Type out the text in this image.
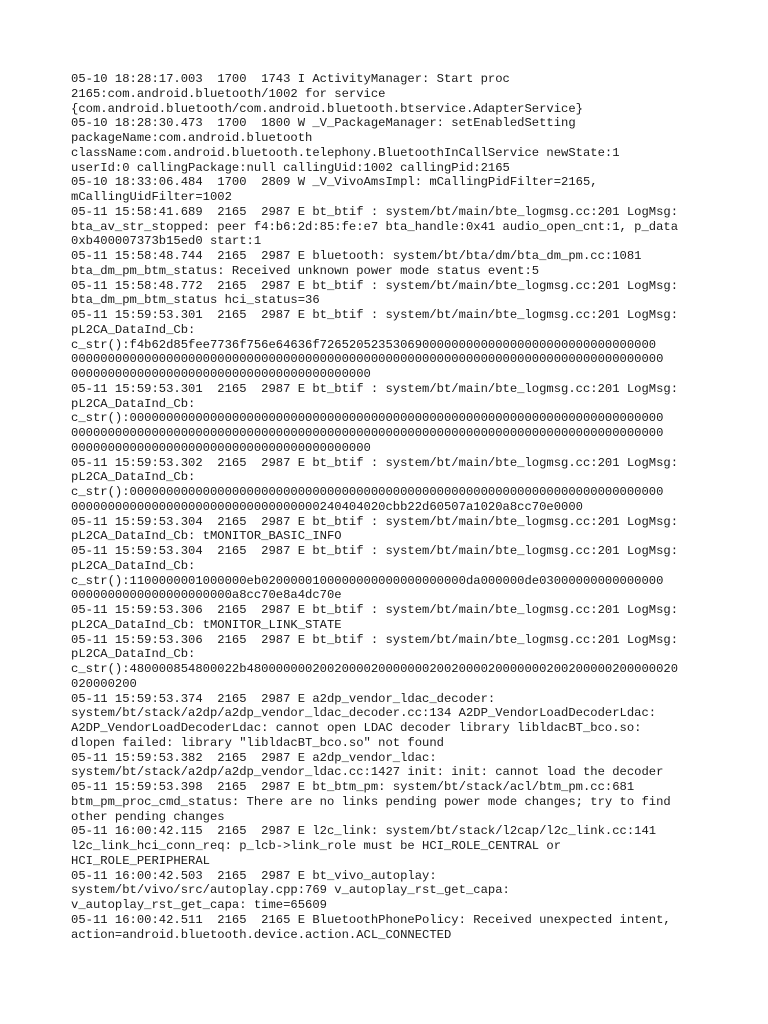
05-10 18:28:17.003  1700  1743 I ActivityManager: Start proc
2165:com.android.bluetooth/1002 for service
{com.android.bluetooth/com.android.bluetooth.btservice.AdapterService}
05-10 18:28:30.473  1700  1800 W _V_PackageManager: setEnabledSetting
packageName:com.android.bluetooth
className:com.android.bluetooth.telephony.BluetoothInCallService newState:1
userId:0 callingPackage:null callingUid:1002 callingPid:2165
05-10 18:33:06.484  1700  2809 W _V_VivoAmsImpl: mCallingPidFilter=2165,
mCallingUidFilter=1002
05-11 15:58:41.689  2165  2987 E bt_btif : system/bt/main/bte_logmsg.cc:201 LogMsg:
bta_av_str_stopped: peer f4:b6:2d:85:fe:e7 bta_handle:0x41 audio_open_cnt:1, p_data
0xb400007373b15ed0 start:1
05-11 15:58:48.744  2165  2987 E bluetooth: system/bt/bta/dm/bta_dm_pm.cc:1081
bta_dm_pm_btm_status: Received unknown power mode status event:5
05-11 15:58:48.772  2165  2987 E bt_btif : system/bt/main/bte_logmsg.cc:201 LogMsg:
bta_dm_pm_btm_status hci_status=36
05-11 15:59:53.301  2165  2987 E bt_btif : system/bt/main/bte_logmsg.cc:201 LogMsg:
pL2CA_DataInd_Cb:
c_str():f4b62d85fee7736f756e64636f7265205235306900000000000000000000000000000000
000000000000000000000000000000000000000000000000000000000000000000000000000000000
00000000000000000000000000000000000000000
05-11 15:59:53.301  2165  2987 E bt_btif : system/bt/main/bte_logmsg.cc:201 LogMsg:
pL2CA_DataInd_Cb:
c_str():0000000000000000000000000000000000000000000000000000000000000000000000000
000000000000000000000000000000000000000000000000000000000000000000000000000000000
00000000000000000000000000000000000000000
05-11 15:59:53.302  2165  2987 E bt_btif : system/bt/main/bte_logmsg.cc:201 LogMsg:
pL2CA_DataInd_Cb:
c_str():0000000000000000000000000000000000000000000000000000000000000000000000000
0000000000000000000000000000000000240404020cbb22d60507a1020a8cc70e0000
05-11 15:59:53.304  2165  2987 E bt_btif : system/bt/main/bte_logmsg.cc:201 LogMsg:
pL2CA_DataInd_Cb: tMONITOR_BASIC_INFO
05-11 15:59:53.304  2165  2987 E bt_btif : system/bt/main/bte_logmsg.cc:201 LogMsg:
pL2CA_DataInd_Cb:
c_str():1100000001000000eb0200000100000000000000000000da000000de03000000000000000
0000000000000000000000a8cc70e8a4dc70e
05-11 15:59:53.306  2165  2987 E bt_btif : system/bt/main/bte_logmsg.cc:201 LogMsg:
pL2CA_DataInd_Cb: tMONITOR_LINK_STATE
05-11 15:59:53.306  2165  2987 E bt_btif : system/bt/main/bte_logmsg.cc:201 LogMsg:
pL2CA_DataInd_Cb:
c_str():480000854800022b48000000020020000200000002002000020000000200200000200000020
020000200
05-11 15:59:53.374  2165  2987 E a2dp_vendor_ldac_decoder:
system/bt/stack/a2dp/a2dp_vendor_ldac_decoder.cc:134 A2DP_VendorLoadDecoderLdac:
A2DP_VendorLoadDecoderLdac: cannot open LDAC decoder library libldacBT_bco.so:
dlopen failed: library "libldacBT_bco.so" not found
05-11 15:59:53.382  2165  2987 E a2dp_vendor_ldac:
system/bt/stack/a2dp/a2dp_vendor_ldac.cc:1427 init: init: cannot load the decoder
05-11 15:59:53.398  2165  2987 E bt_btm_pm: system/bt/stack/acl/btm_pm.cc:681
btm_pm_proc_cmd_status: There are no links pending power mode changes; try to find
other pending changes
05-11 16:00:42.115  2165  2987 E l2c_link: system/bt/stack/l2cap/l2c_link.cc:141
l2c_link_hci_conn_req: p_lcb->link_role must be HCI_ROLE_CENTRAL or
HCI_ROLE_PERIPHERAL
05-11 16:00:42.503  2165  2987 E bt_vivo_autoplay:
system/bt/vivo/src/autoplay.cpp:769 v_autoplay_rst_get_capa:
v_autoplay_rst_get_capa: time=65609
05-11 16:00:42.511  2165  2165 E BluetoothPhonePolicy: Received unexpected intent,
action=android.bluetooth.device.action.ACL_CONNECTED
